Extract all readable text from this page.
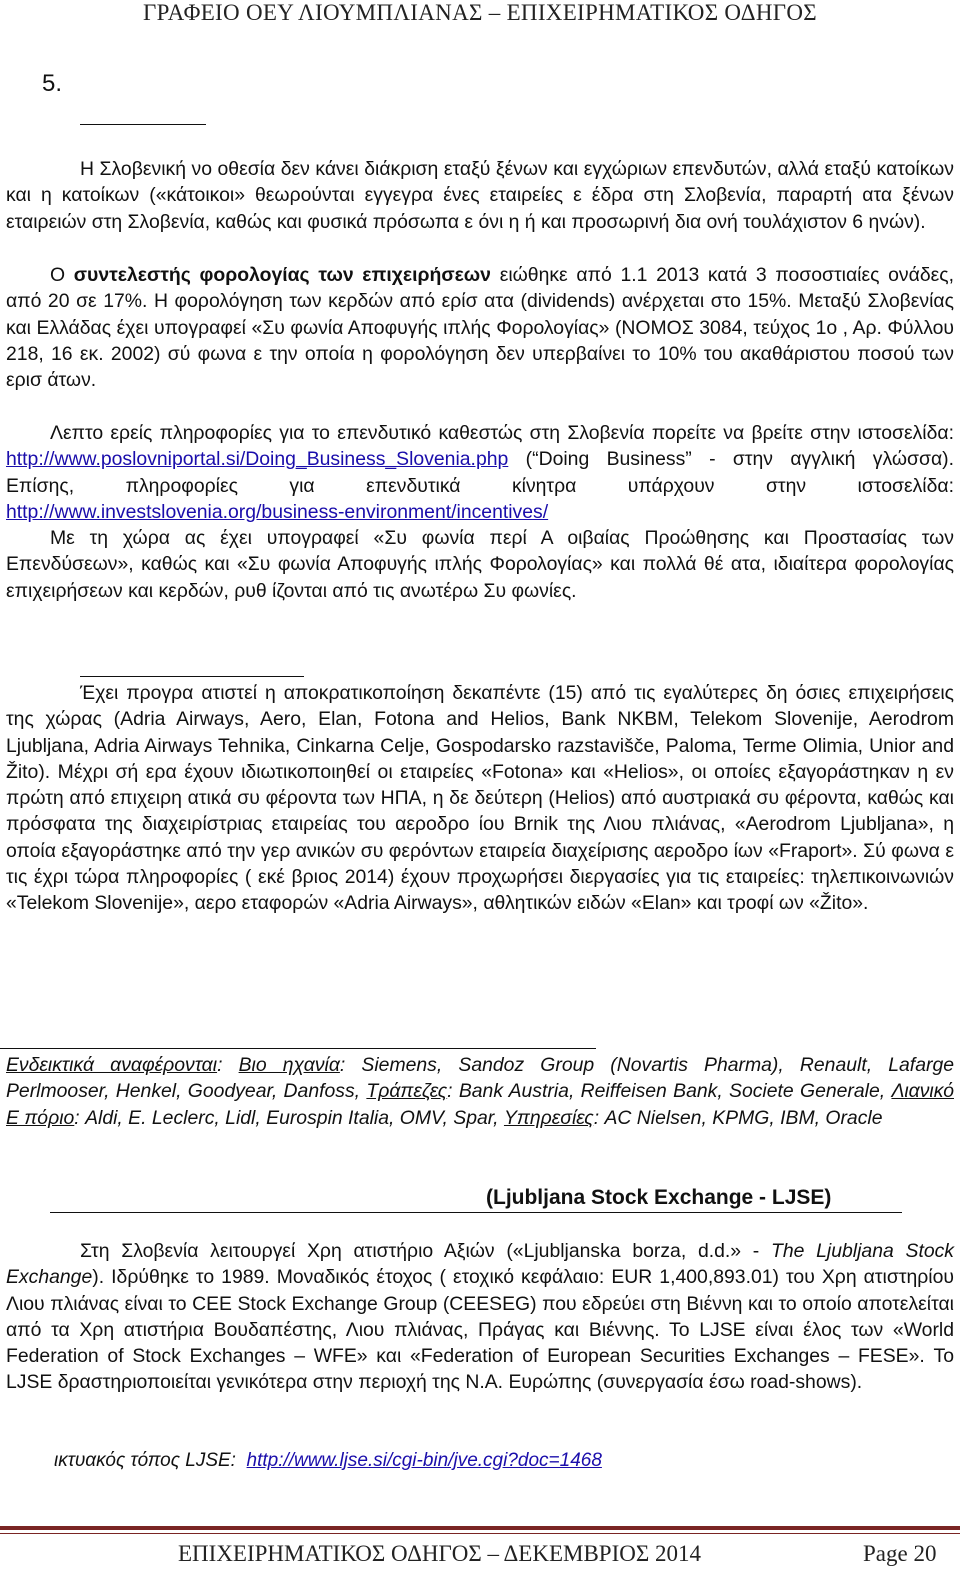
ΓΡΑΦΕΙΟ ΟΕΥ ΛΙΟΥΜΠΛΙΑΝΑΣ – ΕΠΙΧΕΙΡΗΜΑΤΙΚΟΣ ΟΔΗΓΟΣ
5.

Η Σλοβενική νο οθεσία δεν κάνει διάκριση εταξύ ξένων και εγχώριων επενδυτών, αλλά εταξύ κατοίκων και η κατοίκων («κάτοικοι» θεωρούνται εγγεγρα ένες εταιρείες ε έδρα στη Σλοβενία, παραρτή ατα ξένων εταιρειών στη Σλοβενία, καθώς και φυσικά πρόσωπα ε όνι η ή και προσωρινή δια ονή τουλάχιστον 6 ηνών).

Ο συντελεστής φορολογίας των επιχειρήσεων ειώθηκε από 1.1 2013 κατά 3 ποσοστιαίες ονάδες, από 20 σε 17%. Η φορολόγηση των κερδών από ερίσ ατα (dividends) ανέρχεται στο 15%. Μεταξύ Σλοβενίας και Ελλάδας έχει υπογραφεί «Συ φωνία Αποφυγής ιπλής Φορολογίας» (ΝΟΜΟΣ 3084, τεύχος 1ο , Αρ. Φύλλου 218, 16 εκ. 2002) σύ φωνα ε την οποία η φορολόγηση δεν υπερβαίνει το 10% του ακαθάριστου ποσού των ερισ άτων.

Λεπτο ερείς πληροφορίες για το επενδυτικό καθεστώς στη Σλοβενία πορείτε να βρείτε στην ιστοσελίδα: http://www.poslovniportal.si/Doing_Business_Slovenia.php (“Doing Business” - στην αγγλική γλώσσα). Επίσης, πληροφορίες για επενδυτικά κίνητρα υπάρχουν στην ιστοσελίδα: http://www.investslovenia.org/business-environment/incentives/

Με τη χώρα ας έχει υπογραφεί «Συ φωνία περί Α οιβαίας Προώθησης και Προστασίας των Επενδύσεων», καθώς και «Συ φωνία Αποφυγής ιπλής Φορολογίας» και πολλά θέ ατα, ιδιαίτερα φορολογίας επιχειρήσεων και κερδών, ρυθ ίζονται από τις ανωτέρω Συ φωνίες.

Έχει προγρα ατιστεί η αποκρατικοποίηση δεκαπέντε (15) από τις εγαλύτερες δη όσιες επιχειρήσεις της χώρας (Adria Airways, Aero, Elan, Fotona and Helios, Bank NKBM, Telekom Slovenije, Aerodrom Ljubljana, Adria Airways Tehnika, Cinkarna Celje, Gospodarsko razstavišče, Paloma, Terme Olimia, Unior and Žito). Μέχρι σή ερα έχουν ιδιωτικοποιηθεί οι εταιρείες «Fotona» και «Helios», οι οποίες εξαγοράστηκαν η εν πρώτη από επιχειρη ατικά συ φέροντα των ΗΠΑ, η δε δεύτερη (Helios) από αυστριακά συ φέροντα, καθώς και πρόσφατα της διαχειρίστριας εταιρείας του αεροδρο ίου Brnik της Λιου πλιάνας, «Aerodrom Ljubljana», η οποία εξαγοράστηκε από την γερ ανικών συ φερόντων εταιρεία διαχείρισης αεροδρο ίων «Fraport». Σύ φωνα ε τις έχρι τώρα πληροφορίες ( εκέ βριος 2014) έχουν προχωρήσει διεργασίες για τις εταιρείες: τηλεπικοινωνιών «Telekom Slovenije», αερο εταφορών «Adria Airways», αθλητικών ειδών «Elan» και τροφί ων «Žito».

Ενδεικτικά αναφέρονται: Βιο ηχανία: Siemens, Sandoz Group (Novartis Pharma), Renault, Lafarge Perlmooser, Henkel, Goodyear, Danfoss, Τράπεζες: Bank Austria, Reiffeisen Bank, Societe Generale, Λιανικό Ε πόριο: Aldi, E. Leclerc, Lidl, Eurospin Italia, OMV, Spar, Υπηρεσίες: AC Nielsen, KPMG, IBM, Oracle

(Ljubljana Stock Exchange - LJSE)

Στη Σλοβενία λειτουργεί Χρη ατιστήριο Αξιών («Ljubljanska borza, d.d.» - The Ljubljana Stock Exchange). Ιδρύθηκε το 1989. Μοναδικός έτοχος ( ετοχικό κεφάλαιο: EUR 1,400,893.01) του Χρη ατιστηρίου Λιου πλιάνας είναι το CEE Stock Exchange Group (CEESEG) που εδρεύει στη Βιέννη και το οποίο αποτελείται από τα Χρη ατιστήρια Βουδαπέστης, Λιου πλιάνας, Πράγας και Βιέννης. Το LJSE είναι έλος των «World Federation of Stock Exchanges – WFE» και «Federation of European Securities Exchanges – FESE». Το LJSE δραστηριοποιείται γενικότερα στην περιοχή της Ν.Α. Ευρώπης (συνεργασία έσω road-shows).

ικτυακός τόπος LJSE: http://www.ljse.si/cgi-bin/jve.cgi?doc=1468
ΕΠΙΧΕΙΡΗΜΑΤΙΚΟΣ ΟΔΗΓΟΣ – ΔΕΚΕΜΒΡΙΟΣ 2014	Page 20
